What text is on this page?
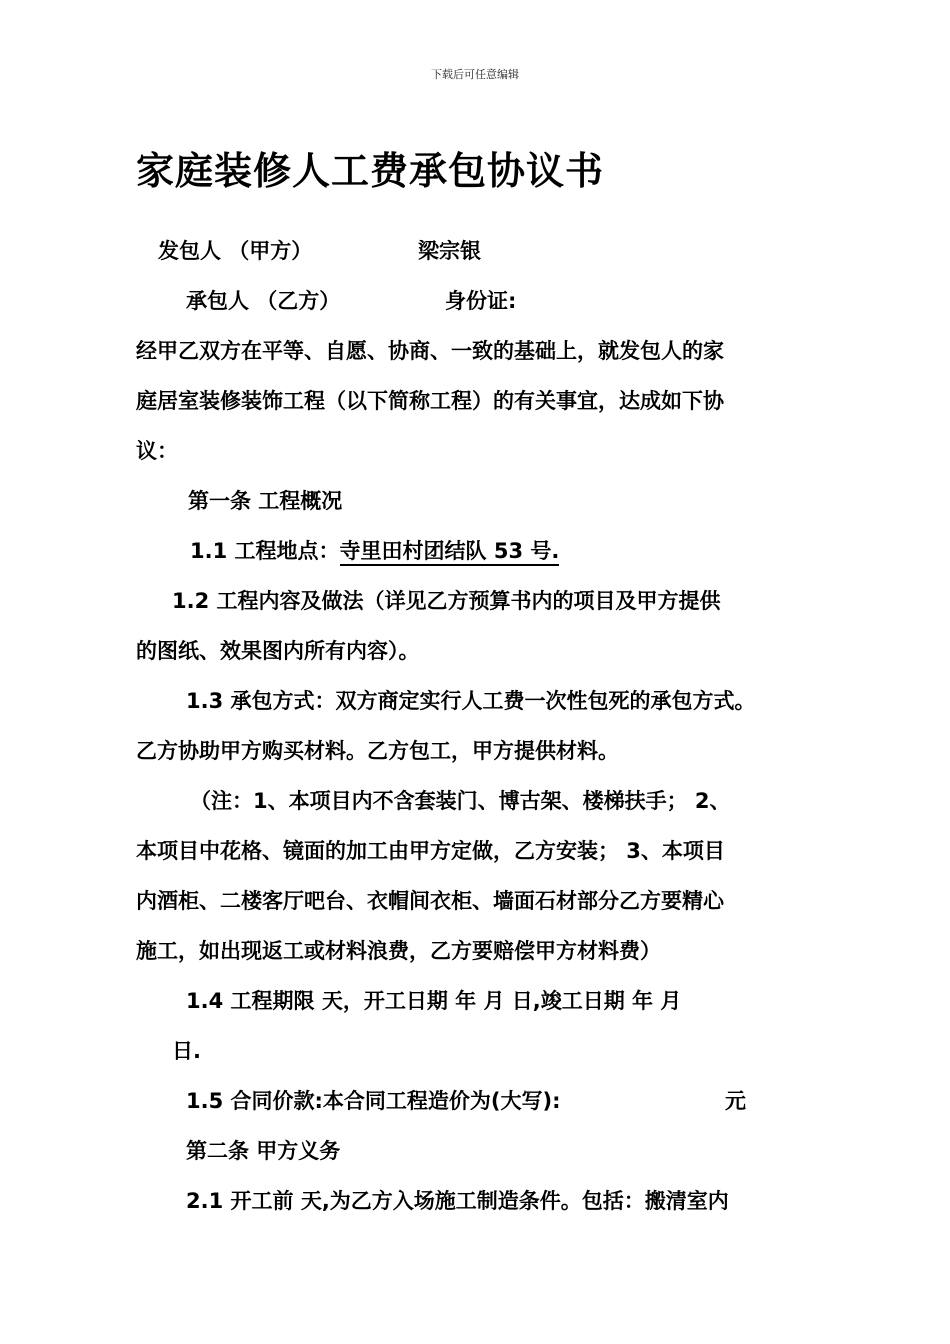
下载后可任意编辑
家庭装修人工费承包协议书
发包人 （甲方）	梁宗银
承包人 （乙方）	身份证:
经甲乙双方在平等、自愿、协商、一致的基础上，就发包人的家
庭居室装修装饰工程（以下简称工程）的有关事宜，达成如下协
议：
第一条 工程概况
1.1 工程地点：寺里田村团结队 53 号.
1.2 工程内容及做法（详见乙方预算书内的项目及甲方提供
的图纸、效果图内所有内容）。
1.3 承包方式：双方商定实行人工费一次性包死的承包方式。
乙方协助甲方购买材料。乙方包工，甲方提供材料。
（注：1、本项目内不含套装门、博古架、楼梯扶手； 2、
本项目中花格、镜面的加工由甲方定做，乙方安装； 3、本项目
内酒柜、二楼客厅吧台、衣帽间衣柜、墙面石材部分乙方要精心
施工，如出现返工或材料浪费，乙方要赔偿甲方材料费）
1.4 工程期限 天，开工日期 年 月 日,竣工日期 年 月
日.
1.5 合同价款:本合同工程造价为(大写):	元
第二条 甲方义务
2.1 开工前 天,为乙方入场施工制造条件。包括：搬清室内
